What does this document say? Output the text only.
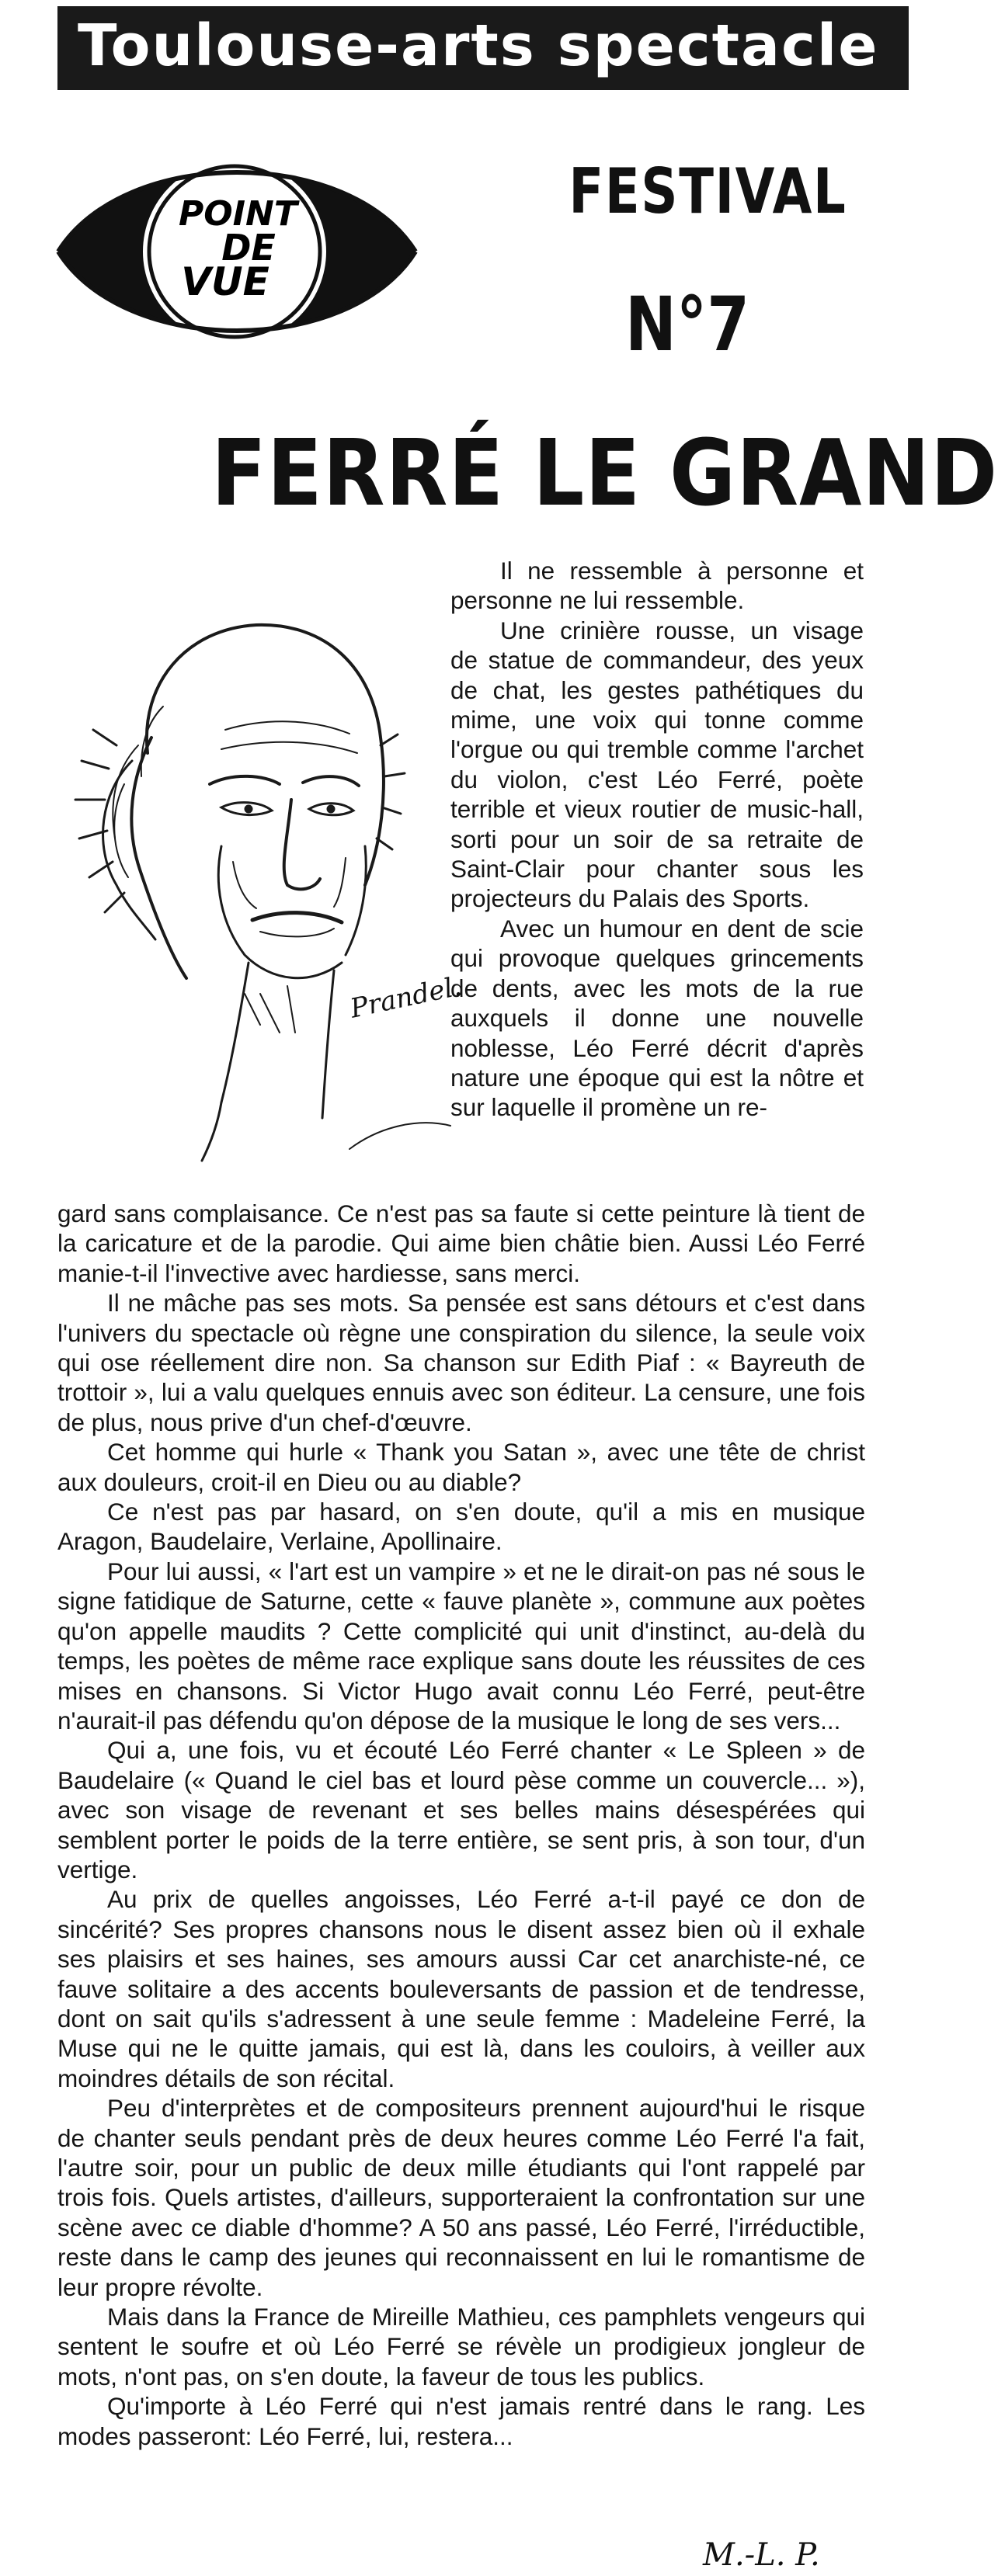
Toulouse-arts spectacle
POINT
DE
VUE
FESTIVAL
N°7
FERRÉ LE GRAND
Prandel.

Il ne ressemble à personne et personne ne lui ressemble.

Une crinière rousse, un visage de statue de commandeur, des yeux de chat, les gestes pathétiques du mime, une voix qui tonne comme l'orgue ou qui tremble comme l'archet du violon, c'est Léo Ferré, poète terrible et vieux routier de music-hall, sorti pour un soir de sa retraite de Saint-Clair pour chanter sous les projecteurs du Palais des Sports.

Avec un humour en dent de scie qui provoque quelques grincements de dents, avec les mots de la rue auxquels il donne une nouvelle noblesse, Léo Ferré décrit d'après nature une époque qui est la nôtre et sur laquelle il promène un re-

gard sans complaisance. Ce n'est pas sa faute si cette peinture là tient de la caricature et de la parodie. Qui aime bien châtie bien. Aussi Léo Ferré manie-t-il l'invective avec hardiesse, sans merci.

Il ne mâche pas ses mots. Sa pensée est sans détours et c'est dans l'univers du spectacle où règne une conspiration du silence, la seule voix qui ose réellement dire non. Sa chanson sur Edith Piaf : « Bayreuth de trottoir », lui a valu quelques ennuis avec son éditeur. La censure, une fois de plus, nous prive d'un chef-d'œuvre.

Cet homme qui hurle « Thank you Satan », avec une tête de christ aux douleurs, croit-il en Dieu ou au diable?

Ce n'est pas par hasard, on s'en doute, qu'il a mis en musique Aragon, Baudelaire, Verlaine, Apollinaire.

Pour lui aussi, « l'art est un vampire » et ne le dirait-on pas né sous le signe fatidique de Saturne, cette « fauve planète », commune aux poètes qu'on appelle maudits ? Cette complicité qui unit d'instinct, au-delà du temps, les poètes de même race explique sans doute les réussites de ces mises en chansons. Si Victor Hugo avait connu Léo Ferré, peut-être n'aurait-il pas défendu qu'on dépose de la musique le long de ses vers...

Qui a, une fois, vu et écouté Léo Ferré chanter « Le Spleen » de Baudelaire (« Quand le ciel bas et lourd pèse comme un couvercle... »), avec son visage de revenant et ses belles mains désespérées qui semblent porter le poids de la terre entière, se sent pris, à son tour, d'un vertige.

Au prix de quelles angoisses, Léo Ferré a-t-il payé ce don de sincérité? Ses propres chansons nous le disent assez bien où il exhale ses plaisirs et ses haines, ses amours aussi Car cet anarchiste-né, ce fauve solitaire a des accents bouleversants de passion et de tendresse, dont on sait qu'ils s'adressent à une seule femme : Madeleine Ferré, la Muse qui ne le quitte jamais, qui est là, dans les couloirs, à veiller aux moindres détails de son récital.

Peu d'interprètes et de compositeurs prennent aujourd'hui le risque de chanter seuls pendant près de deux heures comme Léo Ferré l'a fait, l'autre soir, pour un public de deux mille étudiants qui l'ont rappelé par trois fois. Quels artistes, d'ailleurs, supporteraient la confrontation sur une scène avec ce diable d'homme? A 50 ans passé, Léo Ferré, l'irréductible, reste dans le camp des jeunes qui reconnaissent en lui le romantisme de leur propre révolte.

Mais dans la France de Mireille Mathieu, ces pamphlets vengeurs qui sentent le soufre et où Léo Ferré se révèle un prodigieux jongleur de mots, n'ont pas, on s'en doute, la faveur de tous les publics.

Qu'importe à Léo Ferré qui n'est jamais rentré dans le rang. Les modes passeront: Léo Ferré, lui, restera...

M.-L. P.
